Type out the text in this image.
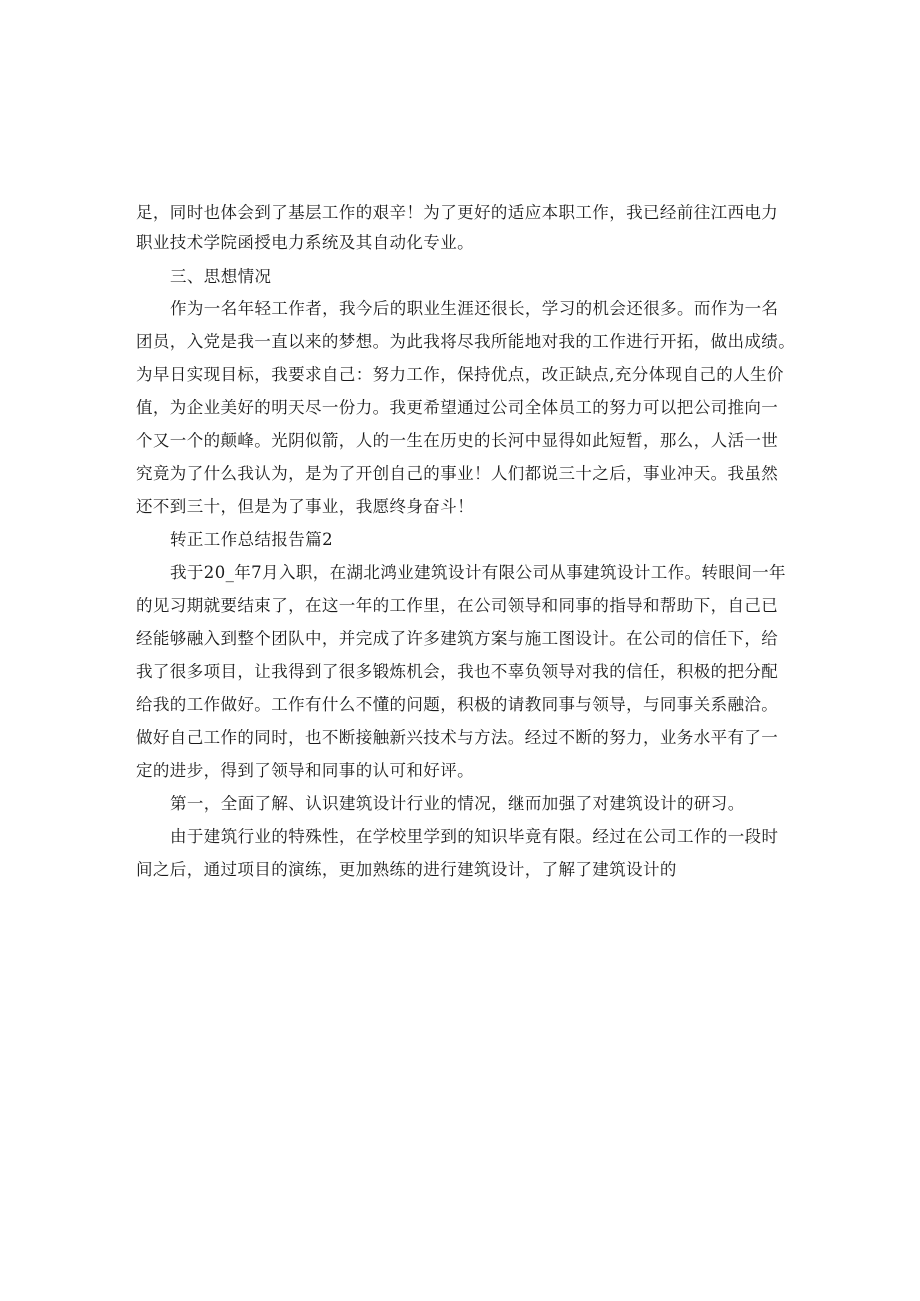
足，同时也体会到了基层工作的艰辛！为了更好的适应本职工作，我已经前往江西电力
职业技术学院函授电力系统及其自动化专业。
三、思想情况
作为一名年轻工作者，我今后的职业生涯还很长，学习的机会还很多。而作为一名
团员，入党是我一直以来的梦想。为此我将尽我所能地对我的工作进行开拓，做出成绩。
为早日实现目标，我要求自己：努力工作，保持优点，改正缺点,充分体现自己的人生价
值，为企业美好的明天尽一份力。我更希望通过公司全体员工的努力可以把公司推向一
个又一个的颠峰。光阴似箭，人的一生在历史的长河中显得如此短暂，那么，人活一世
究竟为了什么我认为，是为了开创自己的事业！人们都说三十之后，事业冲天。我虽然
还不到三十，但是为了事业，我愿终身奋斗！
转正工作总结报告篇2
我于20_年7月入职，在湖北鸿业建筑设计有限公司从事建筑设计工作。转眼间一年
的见习期就要结束了，在这一年的工作里，在公司领导和同事的指导和帮助下，自己已
经能够融入到整个团队中，并完成了许多建筑方案与施工图设计。在公司的信任下，给
我了很多项目，让我得到了很多锻炼机会，我也不辜负领导对我的信任，积极的把分配
给我的工作做好。工作有什么不懂的问题，积极的请教同事与领导，与同事关系融洽。
做好自己工作的同时，也不断接触新兴技术与方法。经过不断的努力，业务水平有了一
定的进步，得到了领导和同事的认可和好评。
第一，全面了解、认识建筑设计行业的情况，继而加强了对建筑设计的研习。
由于建筑行业的特殊性，在学校里学到的知识毕竟有限。经过在公司工作的一段时
间之后，通过项目的演练，更加熟练的进行建筑设计，了解了建筑设计的
